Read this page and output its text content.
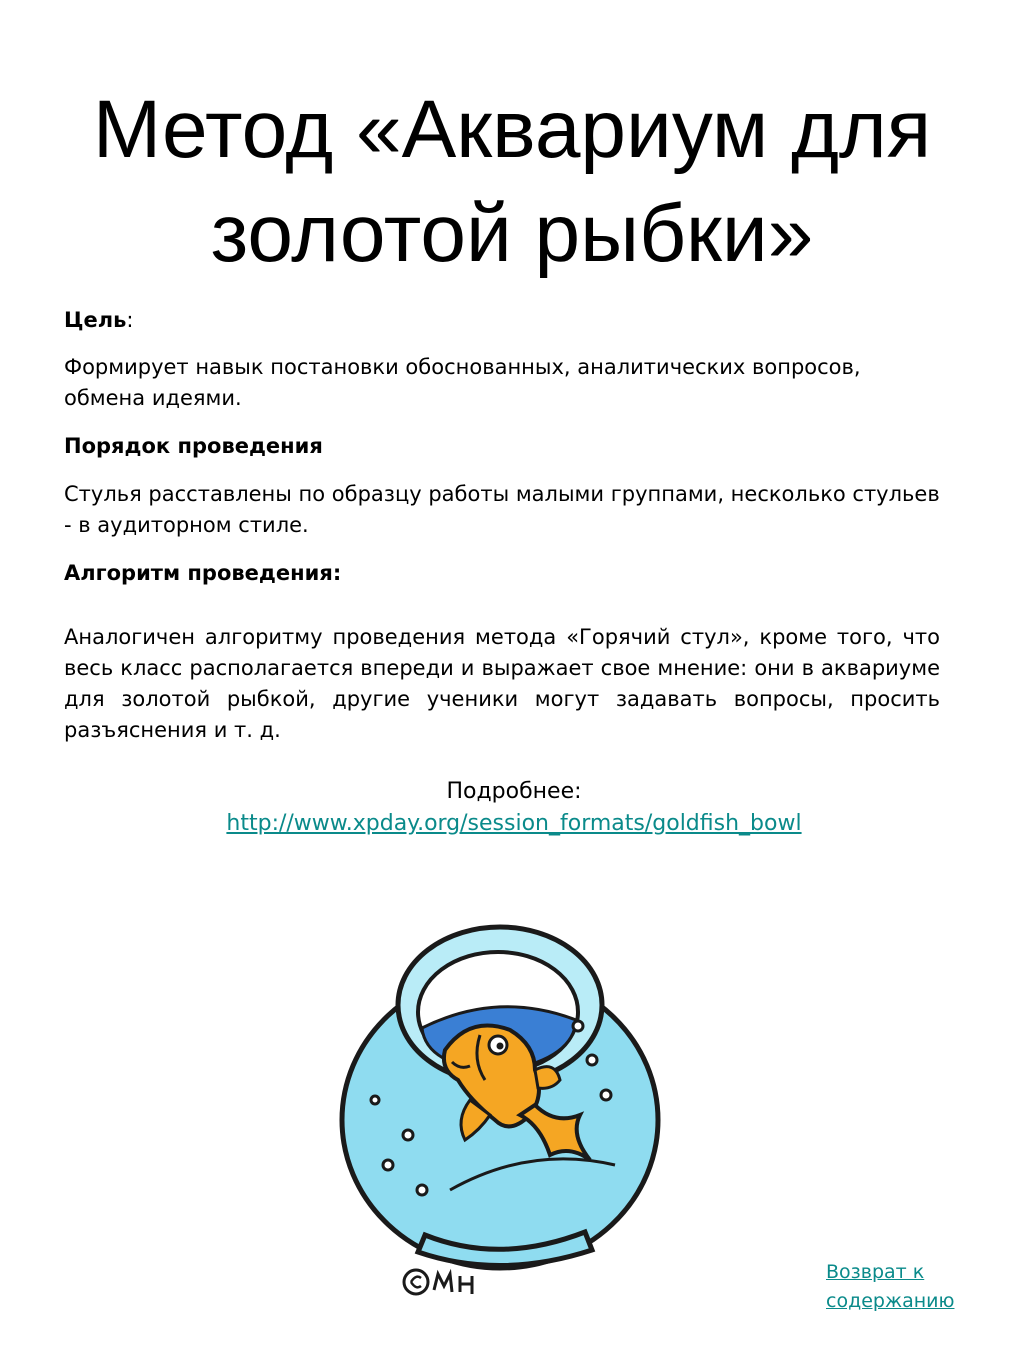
Метод «Аквариум для золотой рыбки»

Цель:

Формирует навык постановки обоснованных, аналитических вопросов, обмена идеями.

Порядок проведения

Стулья расставлены по образцу работы малыми группами, несколько стульев - в аудиторном стиле.

Алгоритм проведения:

Аналогичен алгоритму проведения метода «Горячий стул», кроме того, что весь класс располагается впереди и выражает свое мнение: они в аквариуме для золотой рыбкой, другие ученики могут задавать вопросы, просить разъяснения и т. д.

Подробнее:
http://www.xpday.org/session_formats/goldfish_bowl
Возврат к
содержанию
